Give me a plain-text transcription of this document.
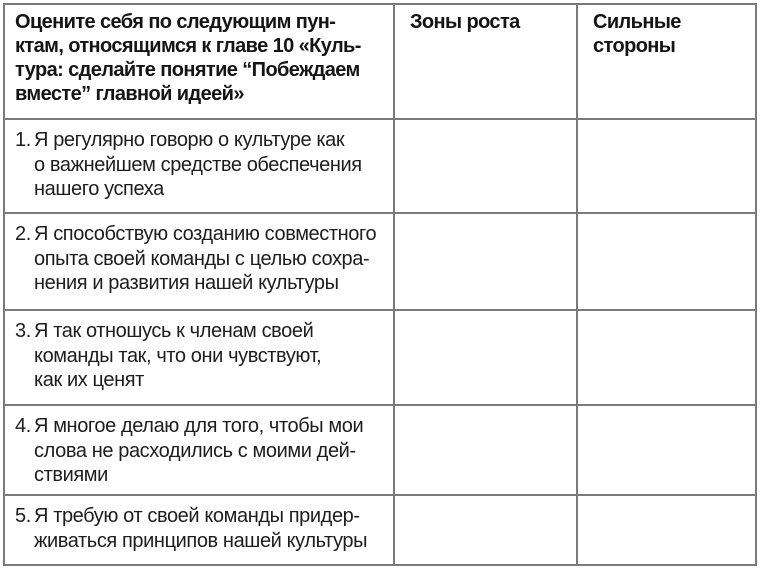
Оцените себя по следующим пун-
ктам, относящимся к главе 10 «Куль-
тура: сделайте понятие “Побеждаем
вместе” главной идеей»
Зоны роста	Сильные
стороны
1. Я регулярно говорю о культуре как
о важнейшем средстве обеспечения
нашего успеха
2. Я способствую созданию совместного
опыта своей команды с целью сохра-
нения и развития нашей культуры
3. Я так отношусь к членам своей
команды так, что они чувствуют,
как их ценят
4. Я многое делаю для того, чтобы мои
слова не расходились с моими дей-
ствиями
5. Я требую от своей команды придер-
живаться принципов нашей культуры
